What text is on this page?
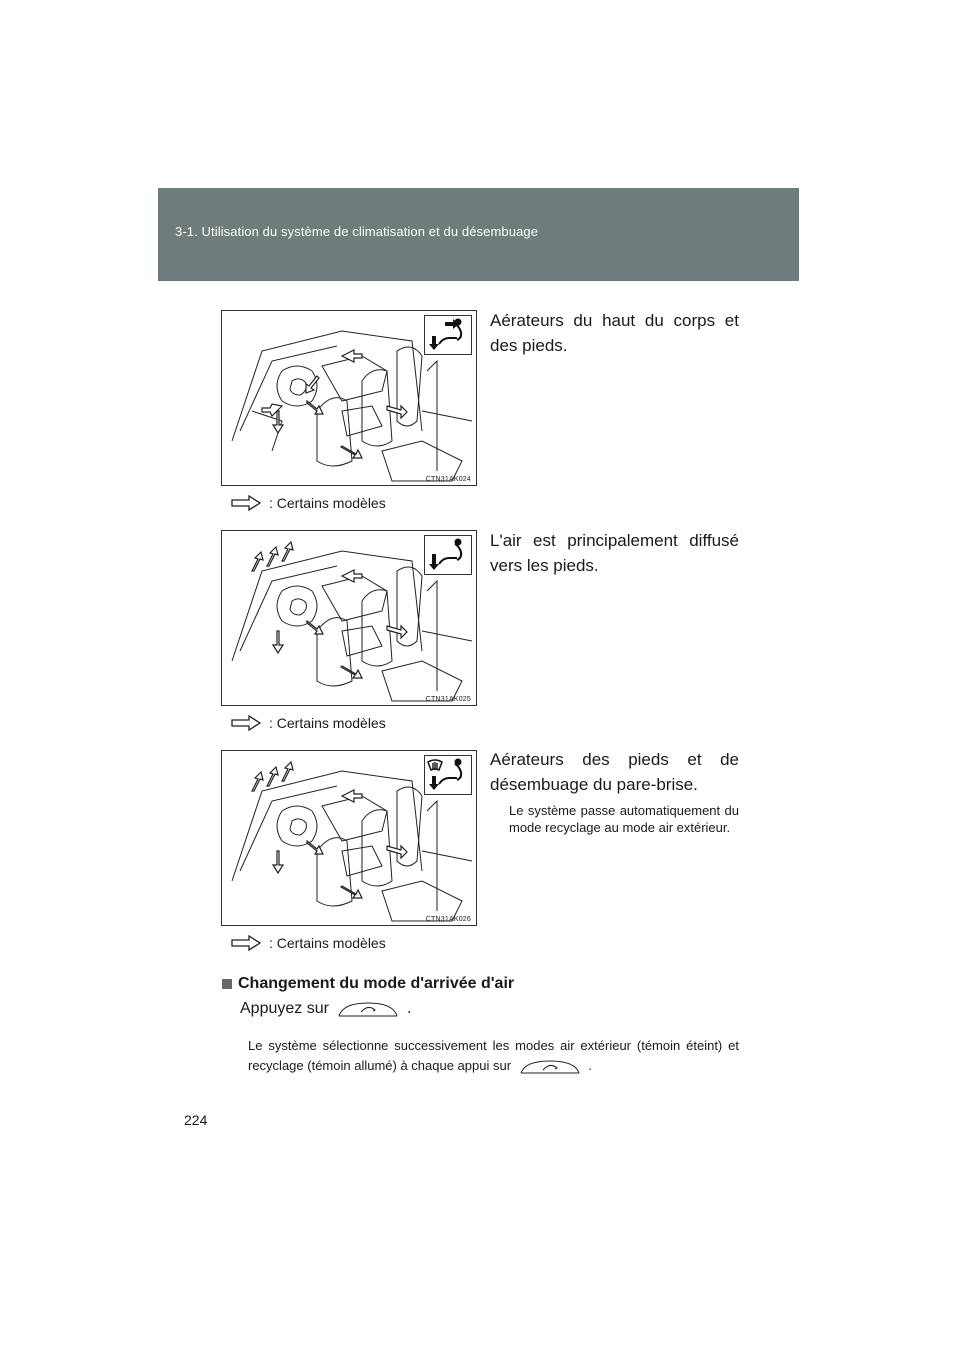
3-1. Utilisation du système de climatisation et du désembuage
CTN31AK024
Aérateurs du haut du corps et des pieds.
: Certains modèles
CTN31AK025
L'air est principalement diffusé vers les pieds.
: Certains modèles
CTN31AK026
Aérateurs des pieds et de désembuage du pare-brise.
Le système passe automatiquement du mode recyclage au mode air extérieur.
: Certains modèles
Changement du mode d'arrivée d'air
Appuyez sur	.
Le système sélectionne successivement les modes air extérieur (témoin éteint) et recyclage (témoin allumé) à chaque appui sur	.
224
